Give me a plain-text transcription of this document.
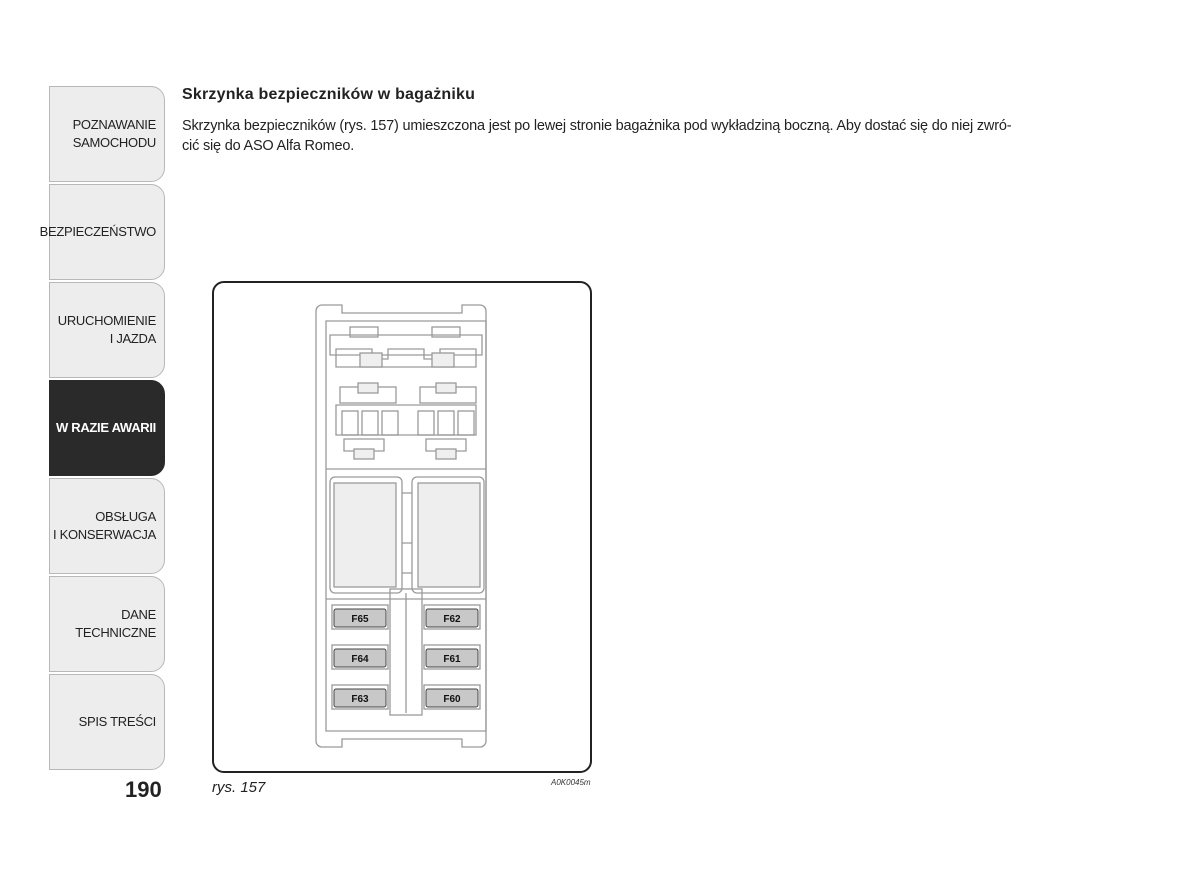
POZNAWANIE
SAMOCHODU
BEZPIECZEŃSTWO
URUCHOMIENIE
I JAZDA
W RAZIE AWARII
OBSŁUGA
I KONSERWACJA
DANE
TECHNICZNE
SPIS TREŚCI
190
Skrzynka bezpieczników w bagażniku
Skrzynka bezpieczników (rys. 157) umieszczona jest po lewej stronie bagażnika pod wykładziną boczną. Aby dostać się do niej zwró-
cić się do ASO Alfa Romeo.
F65
F64
F63
F62
F61
F60
rys. 157	A0K0045m
